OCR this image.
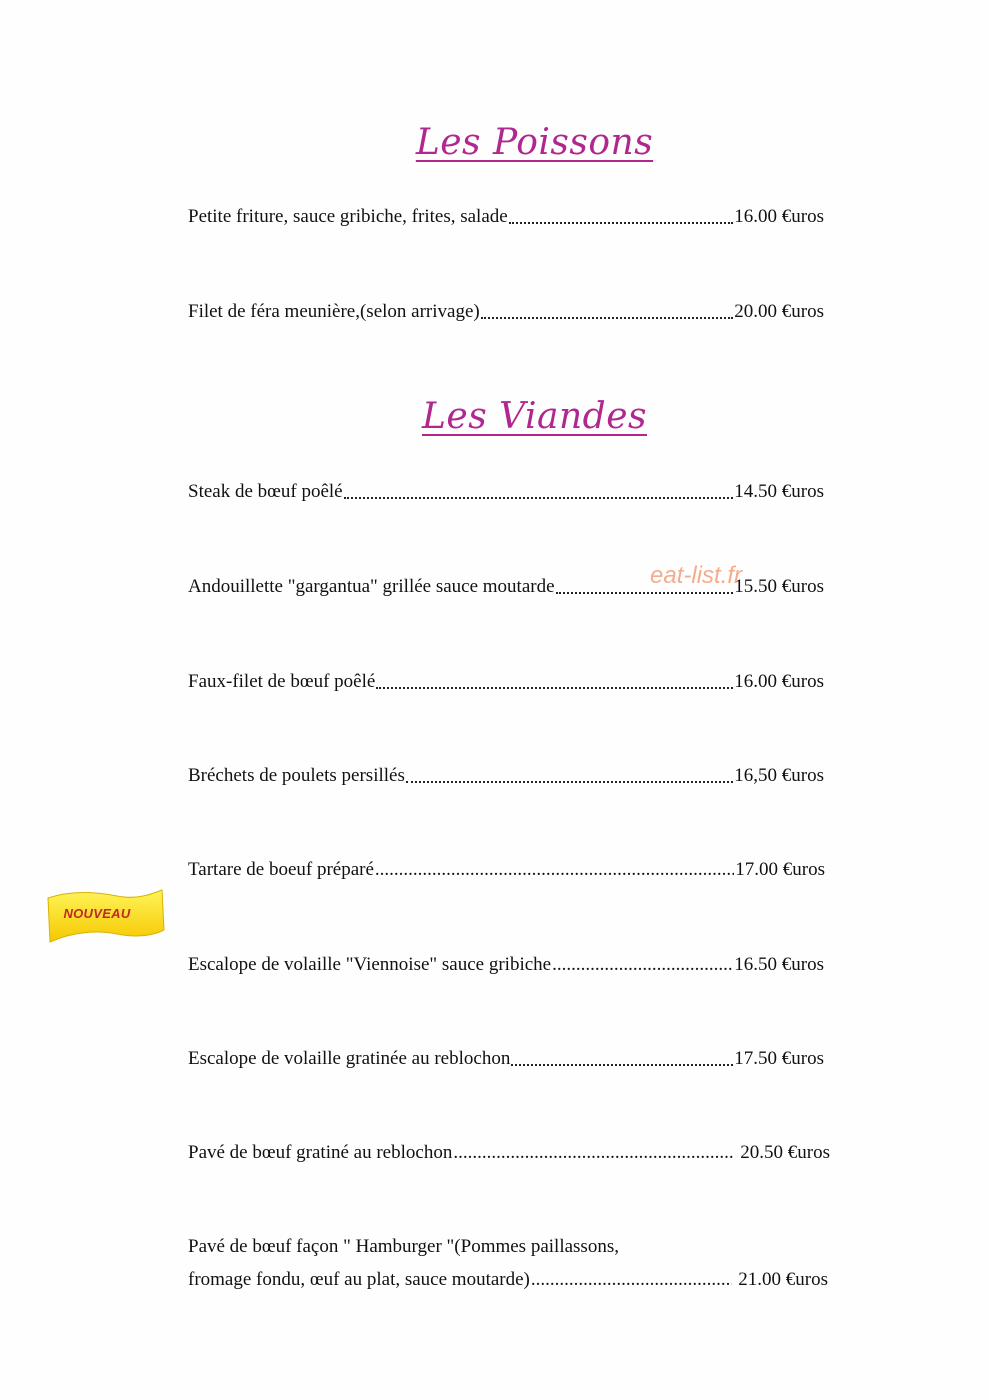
Les Poissons
Petite friture, sauce gribiche, frites, salade	16.00 €uros
Filet de féra meunière,(selon arrivage)	20.00 €uros
Les Viandes
Steak de bœuf poêlé	14.50 €uros
Andouillette "gargantua" grillée sauce moutarde	15.50 €uros
Faux-filet de bœuf poêlé	16.00 €uros
Bréchets de poulets persillés	16,50 €uros
Tartare de boeuf préparé .....	17.00 €uros
Escalope de volaille "Viennoise" sauce gribiche .....	16.50 €uros
Escalope de volaille gratinée au reblochon	17.50 €uros
Pavé de bœuf gratiné au reblochon .....	20.50 €uros
Pavé de bœuf façon " Hamburger "(Pommes paillassons,
fromage fondu, œuf au plat, sauce moutarde) .....	21.00 €uros
NOUVEAU
eat-list.fr
